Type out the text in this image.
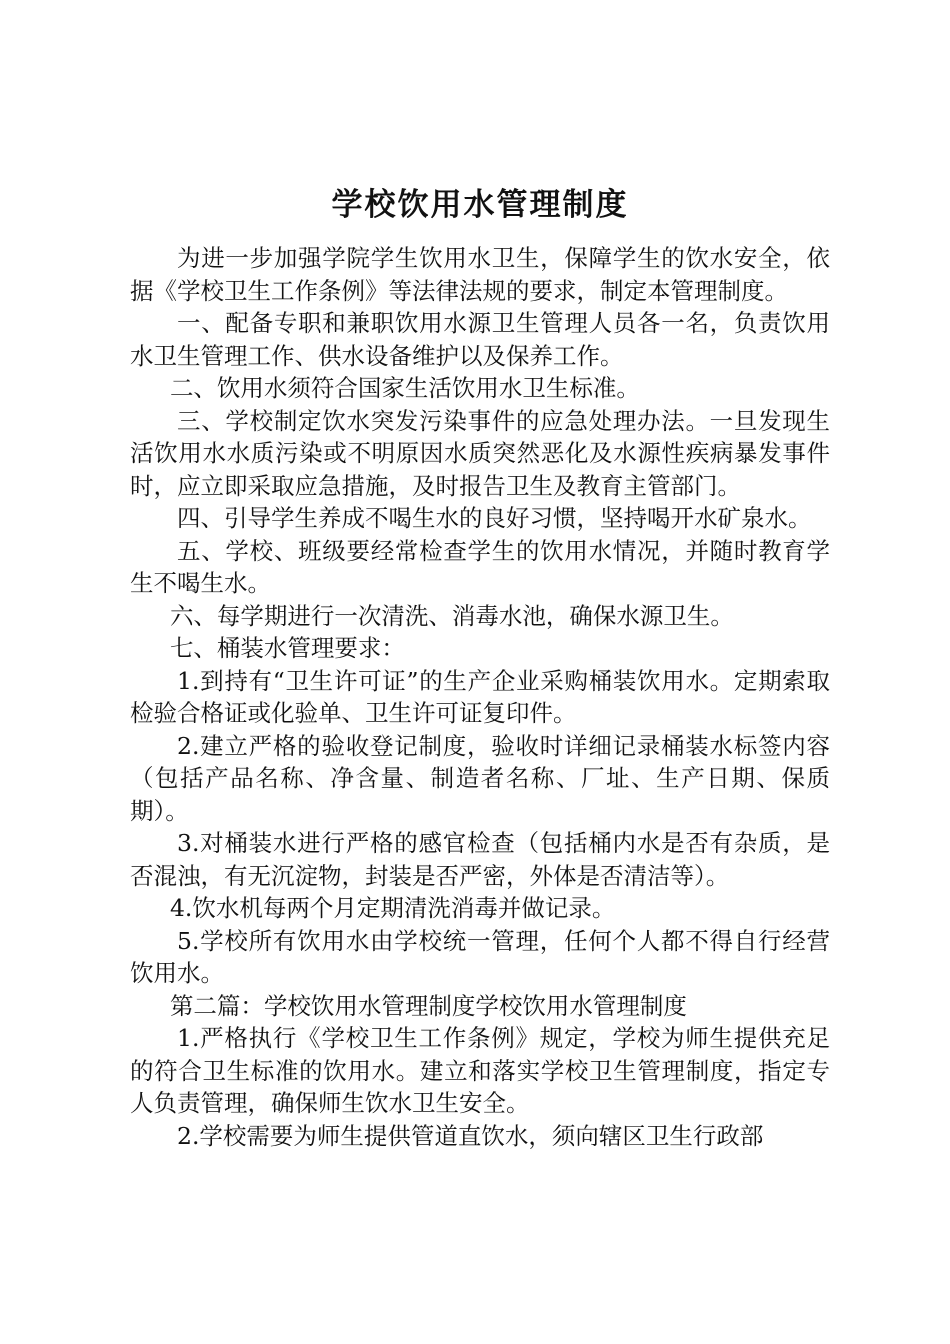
学校饮用水管理制度

为进一步加强学院学生饮用水卫生，保障学生的饮水安全，依据《学校卫生工作条例》等法律法规的要求，制定本管理制度。

一、配备专职和兼职饮用水源卫生管理人员各一名，负责饮用水卫生管理工作、供水设备维护以及保养工作。

二、饮用水须符合国家生活饮用水卫生标准。

三、学校制定饮水突发污染事件的应急处理办法。一旦发现生活饮用水水质污染或不明原因水质突然恶化及水源性疾病暴发事件时，应立即采取应急措施，及时报告卫生及教育主管部门。

四、引导学生养成不喝生水的良好习惯，坚持喝开水矿泉水。

五、学校、班级要经常检查学生的饮用水情况，并随时教育学生不喝生水。

六、每学期进行一次清洗、消毒水池，确保水源卫生。

七、桶装水管理要求：

1.到持有“卫生许可证”的生产企业采购桶装饮用水。定期索取检验合格证或化验单、卫生许可证复印件。

2.建立严格的验收登记制度，验收时详细记录桶装水标签内容（包括产品名称、净含量、制造者名称、厂址、生产日期、保质期）。

3.对桶装水进行严格的感官检查（包括桶内水是否有杂质，是否混浊，有无沉淀物，封装是否严密，外体是否清洁等）。

4.饮水机每两个月定期清洗消毒并做记录。

5.学校所有饮用水由学校统一管理，任何个人都不得自行经营饮用水。

第二篇：学校饮用水管理制度学校饮用水管理制度

1.严格执行《学校卫生工作条例》规定，学校为师生提供充足的符合卫生标准的饮用水。建立和落实学校卫生管理制度，指定专人负责管理，确保师生饮水卫生安全。

2.学校需要为师生提供管道直饮水，须向辖区卫生行政部
